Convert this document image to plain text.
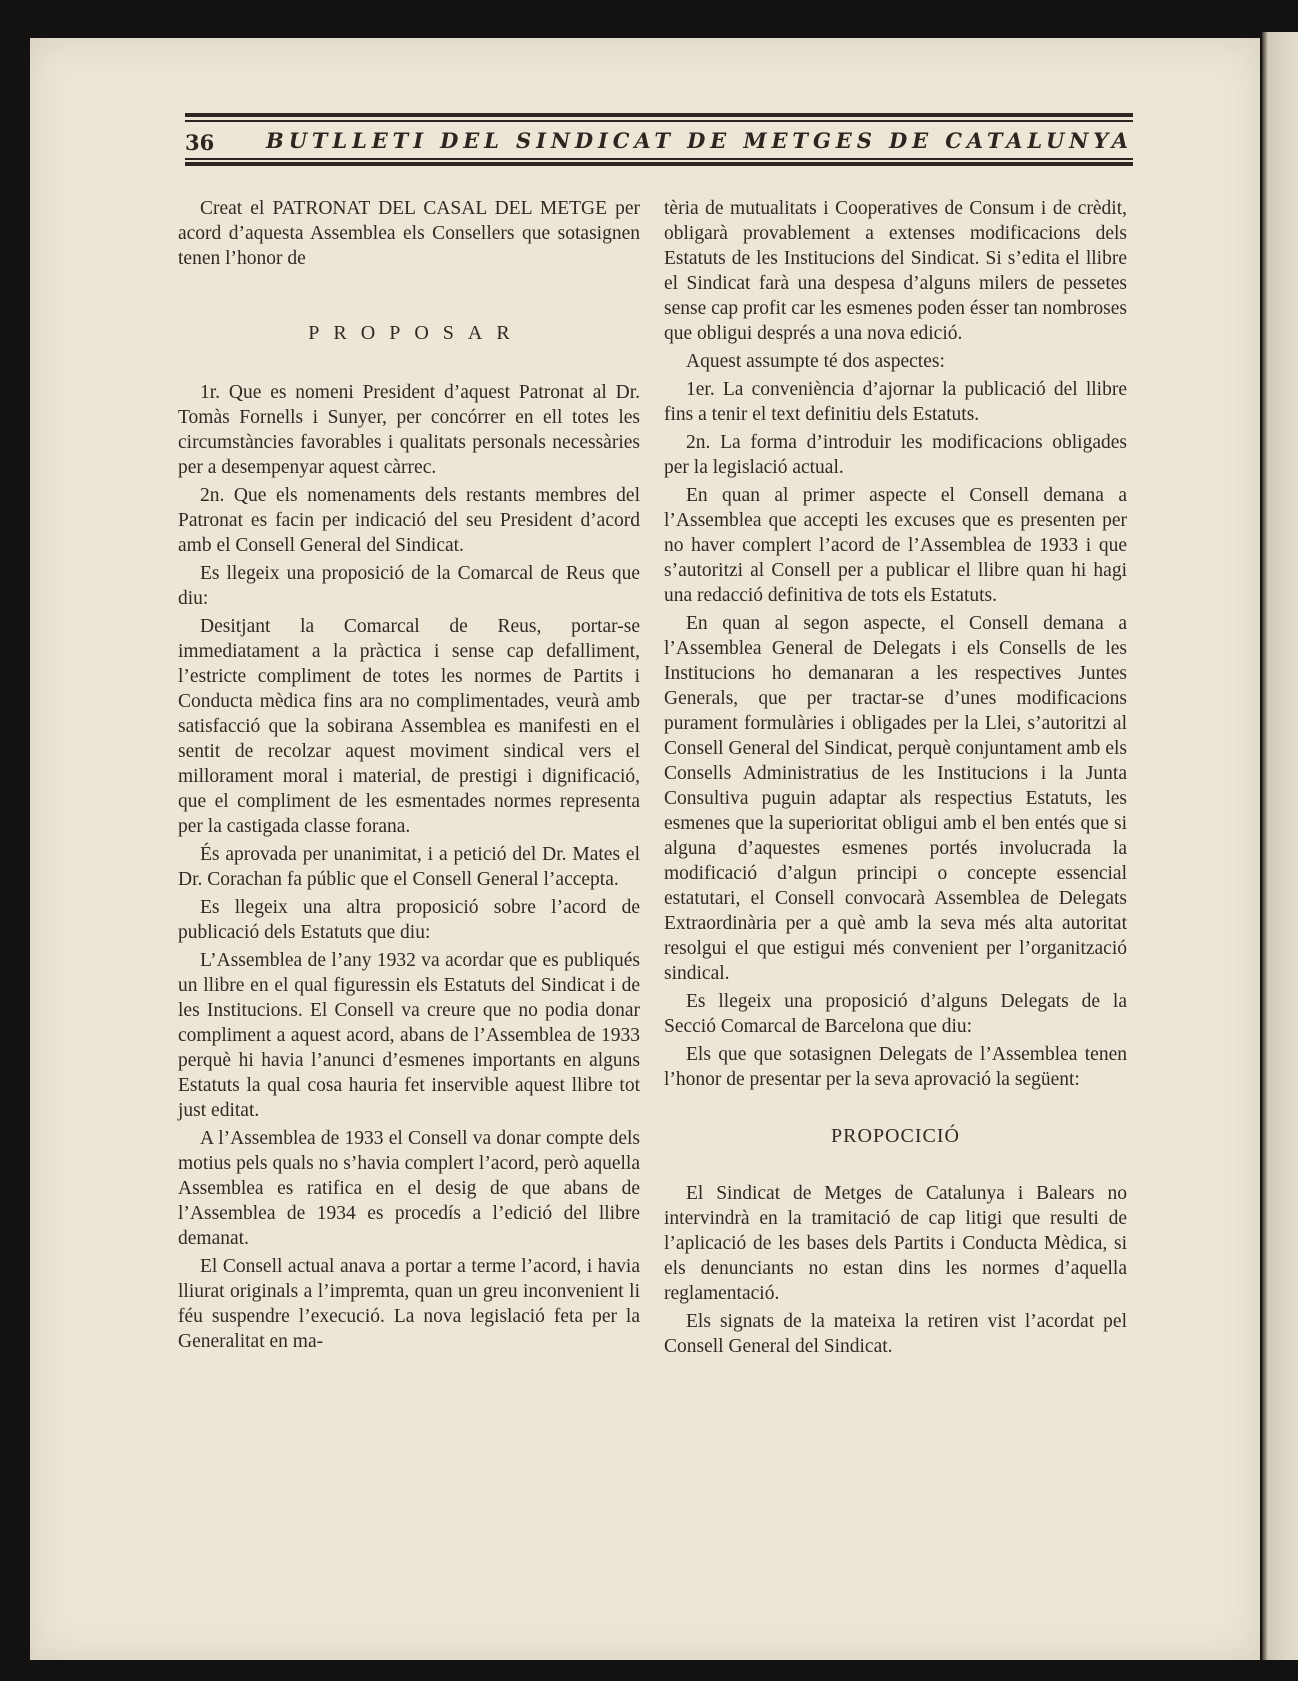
36 BUTLLETI DEL SINDICAT DE METGES DE CATALUNYA

Creat el PATRONAT DEL CASAL DEL METGE per acord d’aquesta Assemblea els Consellers que sotasignen tenen l’honor de

PROPOSAR

1r. Que es nomeni President d’aquest Patronat al Dr. Tomàs Fornells i Sunyer, per concórrer en ell totes les circumstàncies favorables i qualitats personals necessàries per a desempenyar aquest càrrec.

2n. Que els nomenaments dels restants membres del Patronat es facin per indicació del seu President d’acord amb el Consell General del Sindicat.

Es llegeix una proposició de la Comarcal de Reus que diu:

Desitjant la Comarcal de Reus, portar-se immediatament a la pràctica i sense cap defalliment, l’estricte compliment de totes les normes de Partits i Conducta mèdica fins ara no complimentades, veurà amb satisfacció que la sobirana Assemblea es manifesti en el sentit de recolzar aquest moviment sindical vers el millorament moral i material, de prestigi i dignificació, que el compliment de les esmentades normes representa per la castigada classe forana.

És aprovada per unanimitat, i a petició del Dr. Mates el Dr. Corachan fa públic que el Consell General l’accepta.

Es llegeix una altra proposició sobre l’acord de publicació dels Estatuts que diu:

L’Assemblea de l’any 1932 va acordar que es publiqués un llibre en el qual figuressin els Estatuts del Sindicat i de les Institucions. El Consell va creure que no podia donar compliment a aquest acord, abans de l’Assemblea de 1933 perquè hi havia l’anunci d’esmenes importants en alguns Estatuts la qual cosa hauria fet inservible aquest llibre tot just editat.

A l’Assemblea de 1933 el Consell va donar compte dels motius pels quals no s’havia complert l’acord, però aquella Assemblea es ratifica en el desig de que abans de l’Assemblea de 1934 es procedís a l’edició del llibre demanat.

El Consell actual anava a portar a terme l’acord, i havia lliurat originals a l’impremta, quan un greu inconvenient li féu suspendre l’execució. La nova legislació feta per la Generalitat en ma-

tèria de mutualitats i Cooperatives de Consum i de crèdit, obligarà provablement a extenses modificacions dels Estatuts de les Institucions del Sindicat. Si s’edita el llibre el Sindicat farà una despesa d’alguns milers de pessetes sense cap profit car les esmenes poden ésser tan nombroses que obligui després a una nova edició.

Aquest assumpte té dos aspectes:

1er. La conveniència d’ajornar la publicació del llibre fins a tenir el text definitiu dels Estatuts.

2n. La forma d’introduir les modificacions obligades per la legislació actual.

En quan al primer aspecte el Consell demana a l’Assemblea que accepti les excuses que es presenten per no haver complert l’acord de l’Assemblea de 1933 i que s’autoritzi al Consell per a publicar el llibre quan hi hagi una redacció definitiva de tots els Estatuts.

En quan al segon aspecte, el Consell demana a l’Assemblea General de Delegats i els Consells de les Institucions ho demanaran a les respectives Juntes Generals, que per tractar-se d’unes modificacions purament formulàries i obligades per la Llei, s’autoritzi al Consell General del Sindicat, perquè conjuntament amb els Consells Administratius de les Institucions i la Junta Consultiva puguin adaptar als respectius Estatuts, les esmenes que la superioritat obligui amb el ben entés que si alguna d’aquestes esmenes portés involucrada la modificació d’algun principi o concepte essencial estatutari, el Consell convocarà Assemblea de Delegats Extraordinària per a què amb la seva més alta autoritat resolgui el que estigui més convenient per l’organització sindical.

Es llegeix una proposició d’alguns Delegats de la Secció Comarcal de Barcelona que diu:

Els que que sotasignen Delegats de l’Assemblea tenen l’honor de presentar per la seva aprovació la següent:

PROPOCICIÓ

El Sindicat de Metges de Catalunya i Balears no intervindrà en la tramitació de cap litigi que resulti de l’aplicació de les bases dels Partits i Conducta Mèdica, si els denunciants no estan dins les normes d’aquella reglamentació.

Els signats de la mateixa la retiren vist l’acordat pel Consell General del Sindicat.
